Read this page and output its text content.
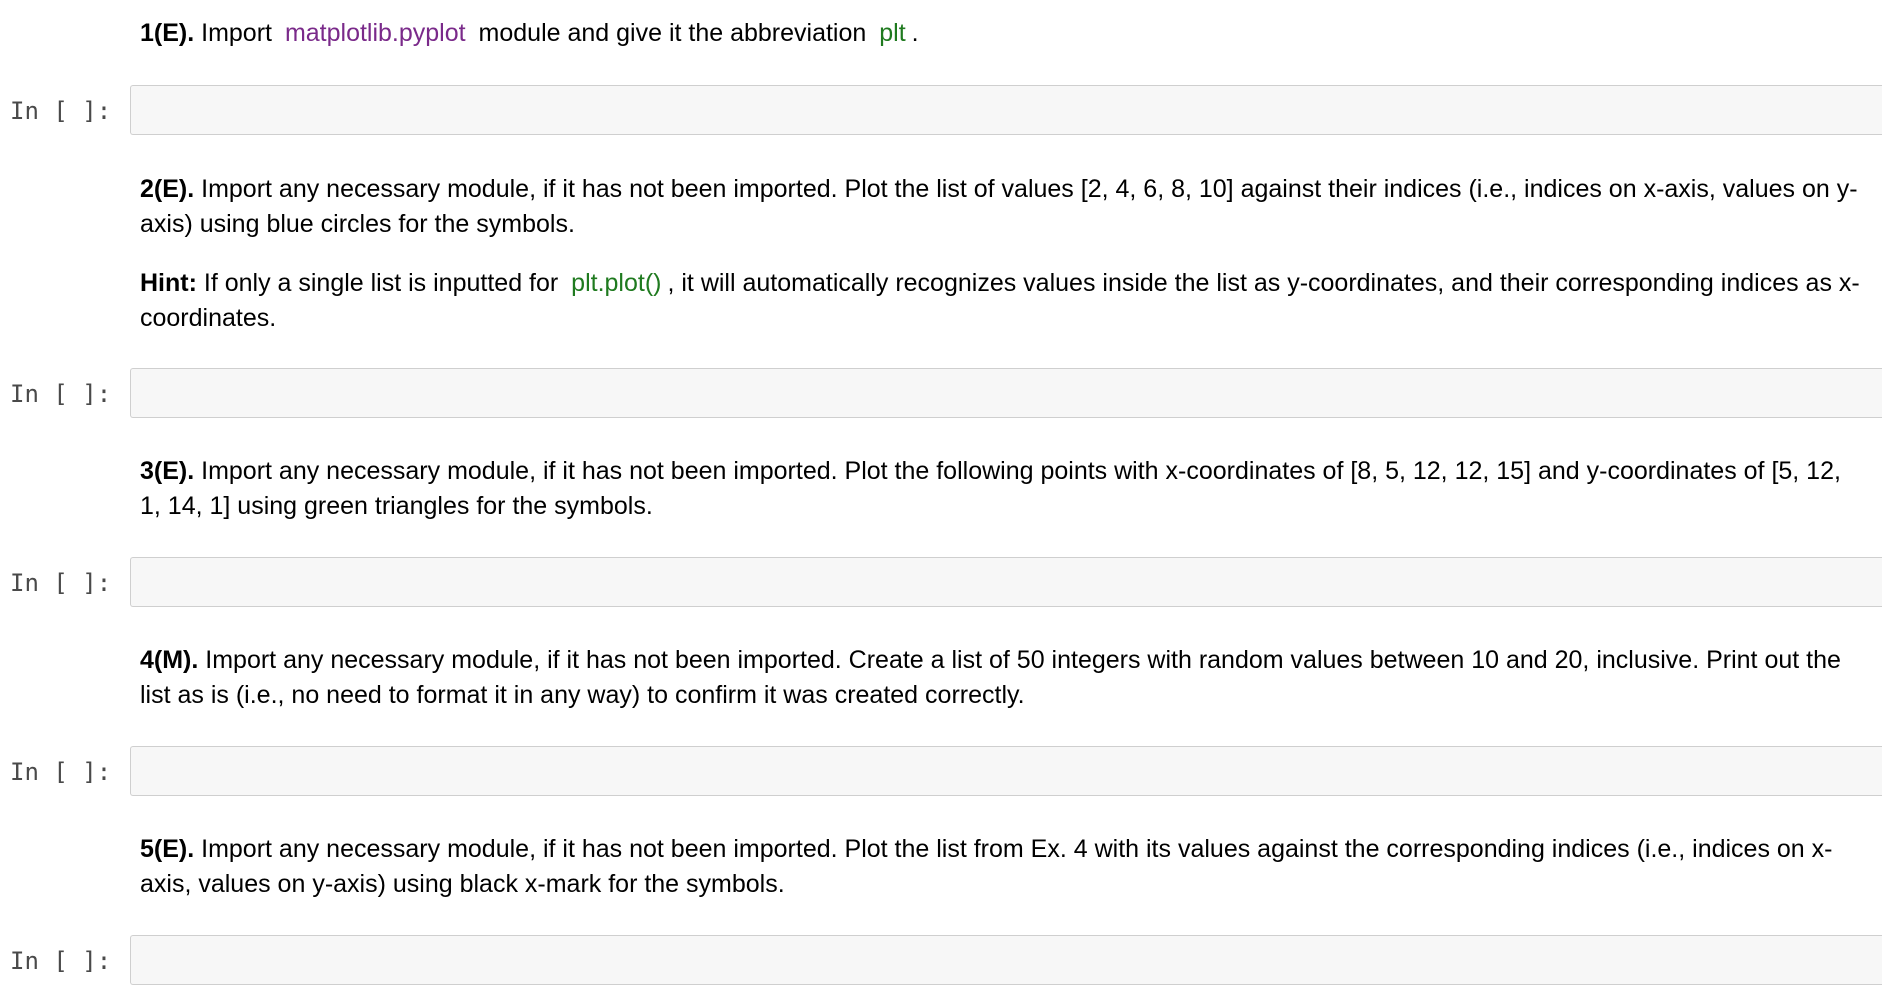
1(E). Import matplotlib.pyplot module and give it the abbreviation plt .

In [ ]:

2(E). Import any necessary module, if it has not been imported. Plot the list of values [2, 4, 6, 8, 10] against their indices (i.e., indices on x-axis, values on y-axis) using blue circles for the symbols.

Hint: If only a single list is inputted for plt.plot() , it will automatically recognizes values inside the list as y-coordinates, and their corresponding indices as x-coordinates.

In [ ]:

3(E). Import any necessary module, if it has not been imported. Plot the following points with x-coordinates of [8, 5, 12, 12, 15] and y-coordinates of [5, 12, 1, 14, 1] using green triangles for the symbols.

In [ ]:

4(M). Import any necessary module, if it has not been imported. Create a list of 50 integers with random values between 10 and 20, inclusive. Print out the list as is (i.e., no need to format it in any way) to confirm it was created correctly.

In [ ]:

5(E). Import any necessary module, if it has not been imported. Plot the list from Ex. 4 with its values against the corresponding indices (i.e., indices on x-axis, values on y-axis) using black x-mark for the symbols.

In [ ]:
